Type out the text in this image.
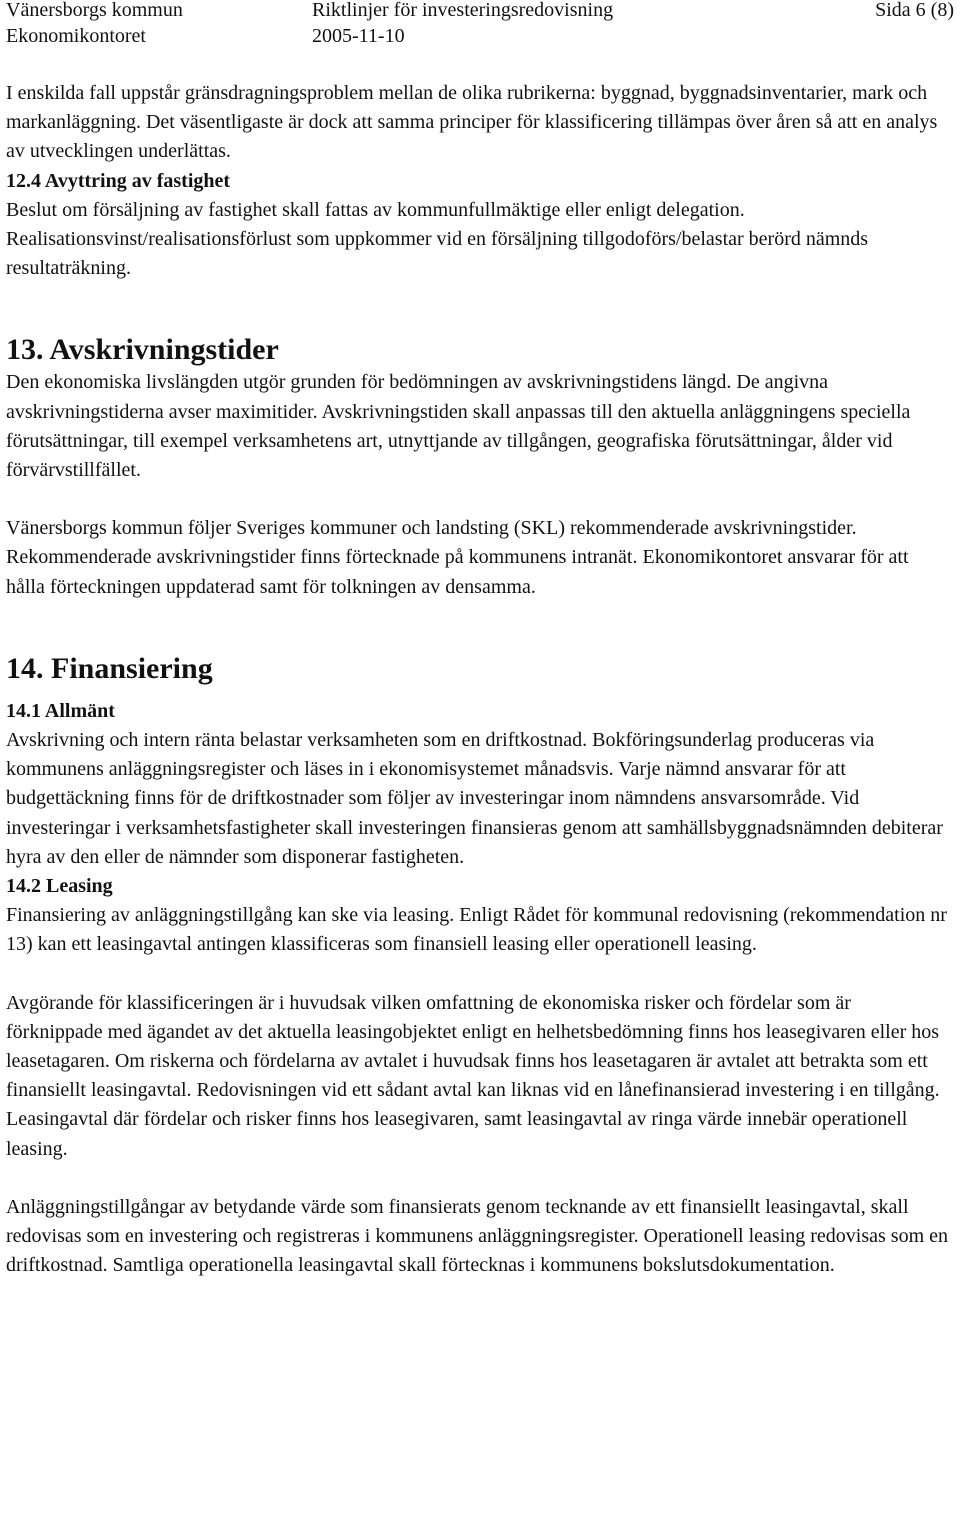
Vänersborgs kommun	Riktlinjer för investeringsredovisning	Sida 6 (8)
Ekonomikontoret	2005-11-10

I enskilda fall uppstår gränsdragningsproblem mellan de olika rubrikerna: byggnad, byggnadsinventarier, mark och markanläggning. Det väsentligaste är dock att samma principer för klassificering tillämpas över åren så att en analys av utvecklingen underlättas.

12.4 Avyttring av fastighet

Beslut om försäljning av fastighet skall fattas av kommunfullmäktige eller enligt delegation. Realisationsvinst/realisationsförlust som uppkommer vid en försäljning tillgodoförs/belastar berörd nämnds resultaträkning.

13. Avskrivningstider

Den ekonomiska livslängden utgör grunden för bedömningen av avskrivningstidens längd. De angivna avskrivningstiderna avser maximitider. Avskrivningstiden skall anpassas till den aktuella anläggningens speciella förutsättningar, till exempel verksamhetens art, utnyttjande av tillgången, geografiska förutsättningar, ålder vid förvärvstillfället.

Vänersborgs kommun följer Sveriges kommuner och landsting (SKL) rekommenderade avskrivningstider. Rekommenderade avskrivningstider finns förtecknade på kommunens intranät. Ekonomikontoret ansvarar för att hålla förteckningen uppdaterad samt för tolkningen av densamma.

14. Finansiering
14.1 Allmänt

Avskrivning och intern ränta belastar verksamheten som en driftkostnad. Bokföringsunderlag produceras via kommunens anläggningsregister och läses in i ekonomisystemet månadsvis. Varje nämnd ansvarar för att budgettäckning finns för de driftkostnader som följer av investeringar inom nämndens ansvarsområde. Vid investeringar i verksamhetsfastigheter skall investeringen finansieras genom att samhällsbyggnadsnämnden debiterar hyra av den eller de nämnder som disponerar fastigheten.

14.2 Leasing

Finansiering av anläggningstillgång kan ske via leasing. Enligt Rådet för kommunal redovisning (rekommendation nr 13) kan ett leasingavtal antingen klassificeras som finansiell leasing eller operationell leasing.

Avgörande för klassificeringen är i huvudsak vilken omfattning de ekonomiska risker och fördelar som är förknippade med ägandet av det aktuella leasingobjektet enligt en helhetsbedömning finns hos leasegivaren eller hos leasetagaren. Om riskerna och fördelarna av avtalet i huvudsak finns hos leasetagaren är avtalet att betrakta som ett finansiellt leasingavtal. Redovisningen vid ett sådant avtal kan liknas vid en lånefinansierad investering i en tillgång. Leasingavtal där fördelar och risker finns hos leasegivaren, samt leasingavtal av ringa värde innebär operationell leasing.

Anläggningstillgångar av betydande värde som finansierats genom tecknande av ett finansiellt leasingavtal, skall redovisas som en investering och registreras i kommunens anläggningsregister. Operationell leasing redovisas som en driftkostnad. Samtliga operationella leasingavtal skall förtecknas i kommunens bokslutsdokumentation.
